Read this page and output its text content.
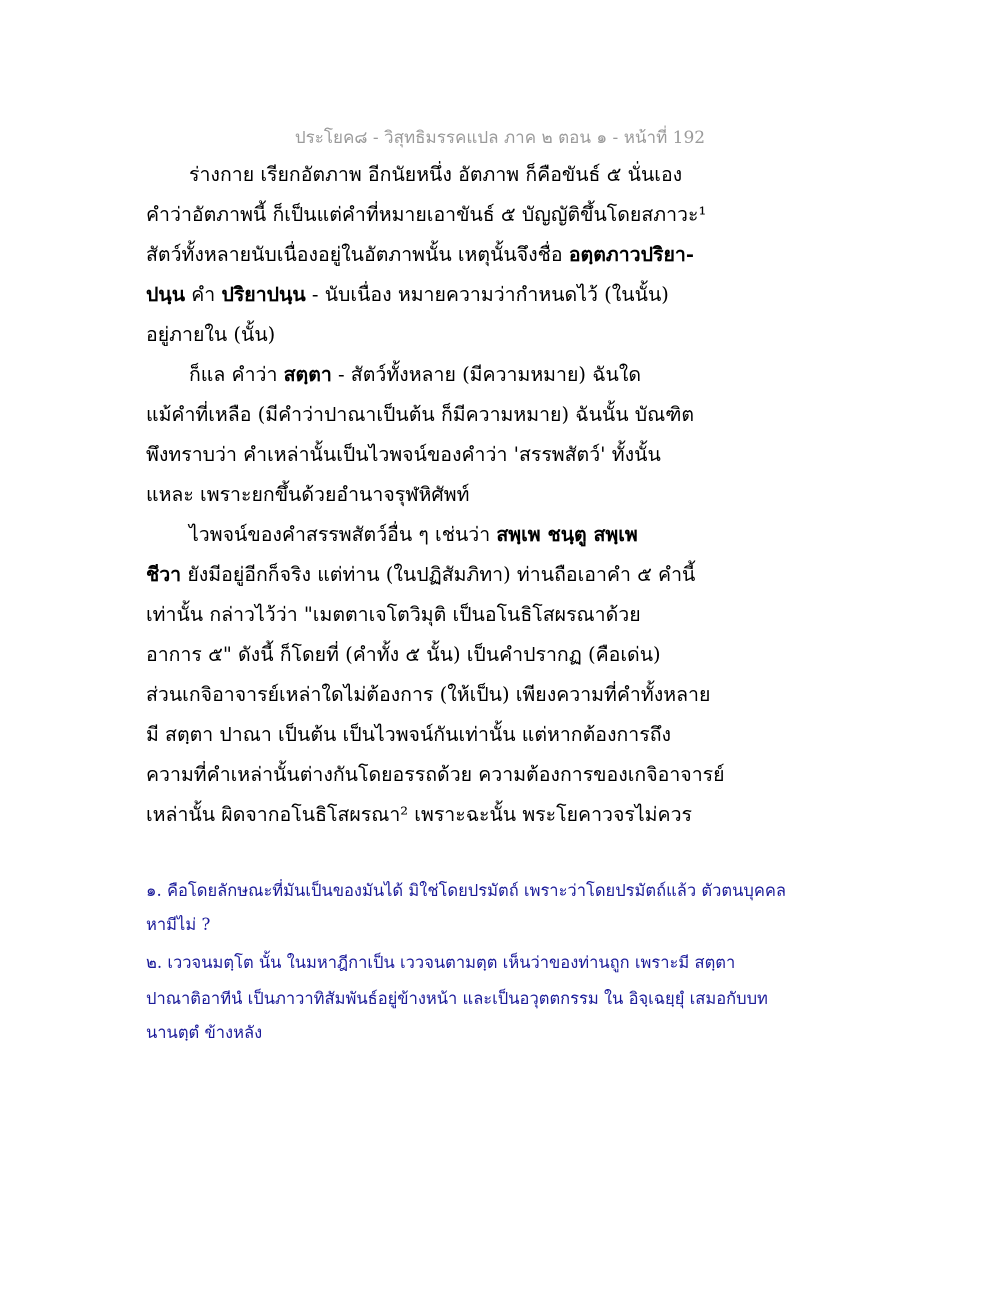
ประโยค๘ - วิสุทธิมรรคแปล ภาค ๒ ตอน ๑ - หน้าที่ 192
ร่างกาย เรียกอัตภาพ อีกนัยหนึ่ง อัตภาพ ก็คือขันธ์ ๕ นั่นเอง
คำว่าอัตภาพนี้ ก็เป็นแต่คำที่หมายเอาขันธ์ ๕ บัญญัติขึ้นโดยสภาวะ¹
สัตว์ทั้งหลายนับเนื่องอยู่ในอัตภาพนั้น เหตุนั้นจึงชื่อ อตฺตภาวปริยา-
ปนฺน คำ ปริยาปนฺน - นับเนื่อง หมายความว่ากำหนดไว้ (ในนั้น)
อยู่ภายใน (นั้น)
ก็แล คำว่า สตฺตา - สัตว์ทั้งหลาย (มีความหมาย) ฉันใด
แม้คำที่เหลือ (มีคำว่าปาณาเป็นต้น ก็มีความหมาย) ฉันนั้น บัณฑิต
พึงทราบว่า คำเหล่านั้นเป็นไวพจน์ของคำว่า 'สรรพสัตว์' ทั้งนั้น
แหละ เพราะยกขึ้นด้วยอำนาจรุฬหิศัพท์
ไวพจน์ของคำสรรพสัตว์อื่น ๆ เช่นว่า สพฺเพ ชนฺตู สพฺเพ
ชีวา ยังมีอยู่อีกก็จริง แต่ท่าน (ในปฏิสัมภิทา) ท่านถือเอาคำ ๕ คำนี้
เท่านั้น กล่าวไว้ว่า "เมตตาเจโตวิมุติ เป็นอโนธิโสผรณาด้วย
อาการ ๕" ดังนี้ ก็โดยที่ (คำทั้ง ๕ นั้น) เป็นคำปรากฏ (คือเด่น)
ส่วนเกจิอาจารย์เหล่าใดไม่ต้องการ (ให้เป็น) เพียงความที่คำทั้งหลาย
มี สตฺตา ปาณา เป็นต้น เป็นไวพจน์กันเท่านั้น แต่หากต้องการถึง
ความที่คำเหล่านั้นต่างกันโดยอรรถด้วย ความต้องการของเกจิอาจารย์
เหล่านั้น ผิดจากอโนธิโสผรณา² เพราะฉะนั้น พระโยคาวจรไม่ควร
๑. คือโดยลักษณะที่มันเป็นของมันได้ มิใช่โดยปรมัตถ์ เพราะว่าโดยปรมัตถ์แล้ว ตัวตนบุคคล
หามีไม่ ?
๒. เววจนมตฺโต นั้น ในมหาฎีกาเป็น เววจนตามตฺต เห็นว่าของท่านถูก เพราะมี สตฺตา
ปาณาติอาทีนํ เป็นภาวาทิสัมพันธ์อยู่ข้างหน้า และเป็นอวุตตกรรม ใน อิจฺเฉยฺยุํ เสมอกับบท
นานตฺตํ ข้างหลัง
